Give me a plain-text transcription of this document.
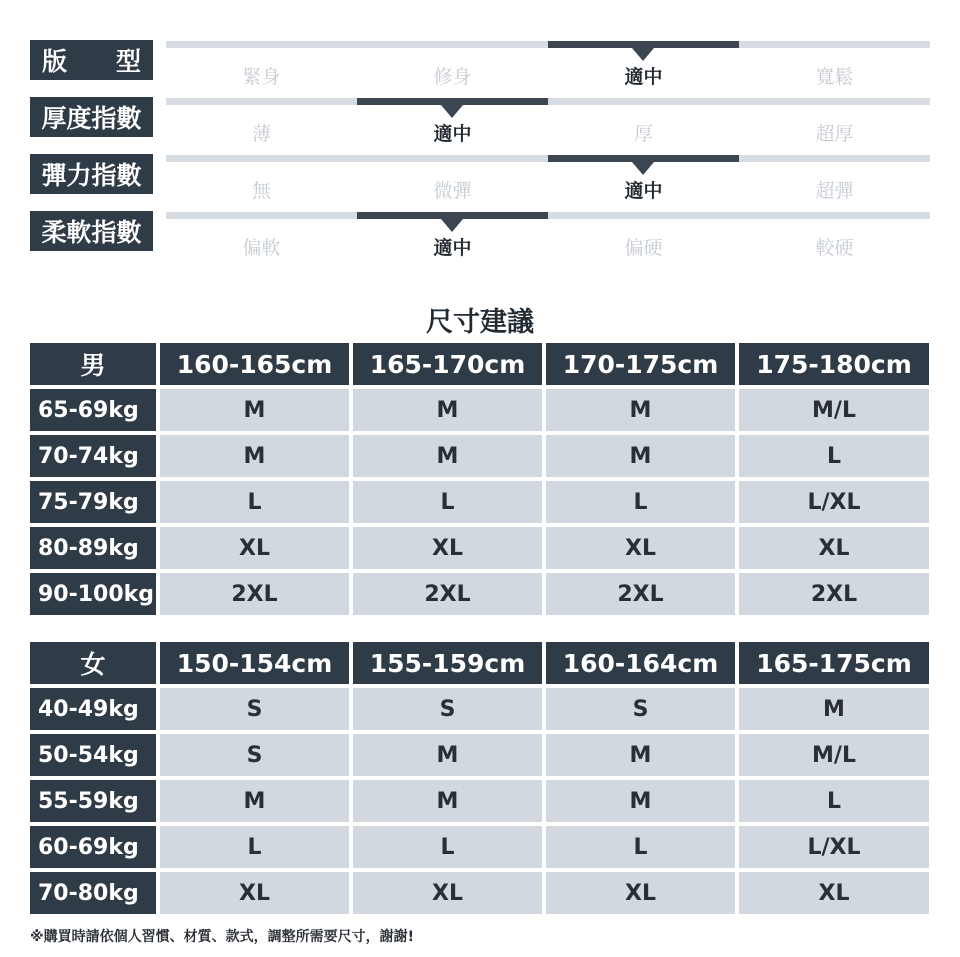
版 型
緊身	修身	適中	寬鬆
厚度指數
薄	適中	厚	超厚
彈力指數
無	微彈	適中	超彈
柔軟指數
偏軟	適中	偏硬	較硬
尺寸建議
男	160-165cm	165-170cm	170-175cm	175-180cm
65-69kg	M	M	M	M/L
70-74kg	M	M	M	L
75-79kg	L	L	L	L/XL
80-89kg	XL	XL	XL	XL
90-100kg	2XL	2XL	2XL	2XL
女	150-154cm	155-159cm	160-164cm	165-175cm
40-49kg	S	S	S	M
50-54kg	S	M	M	M/L
55-59kg	M	M	M	L
60-69kg	L	L	L	L/XL
70-80kg	XL	XL	XL	XL
※購買時請依個人習慣、材質、款式，調整所需要尺寸，謝謝!
